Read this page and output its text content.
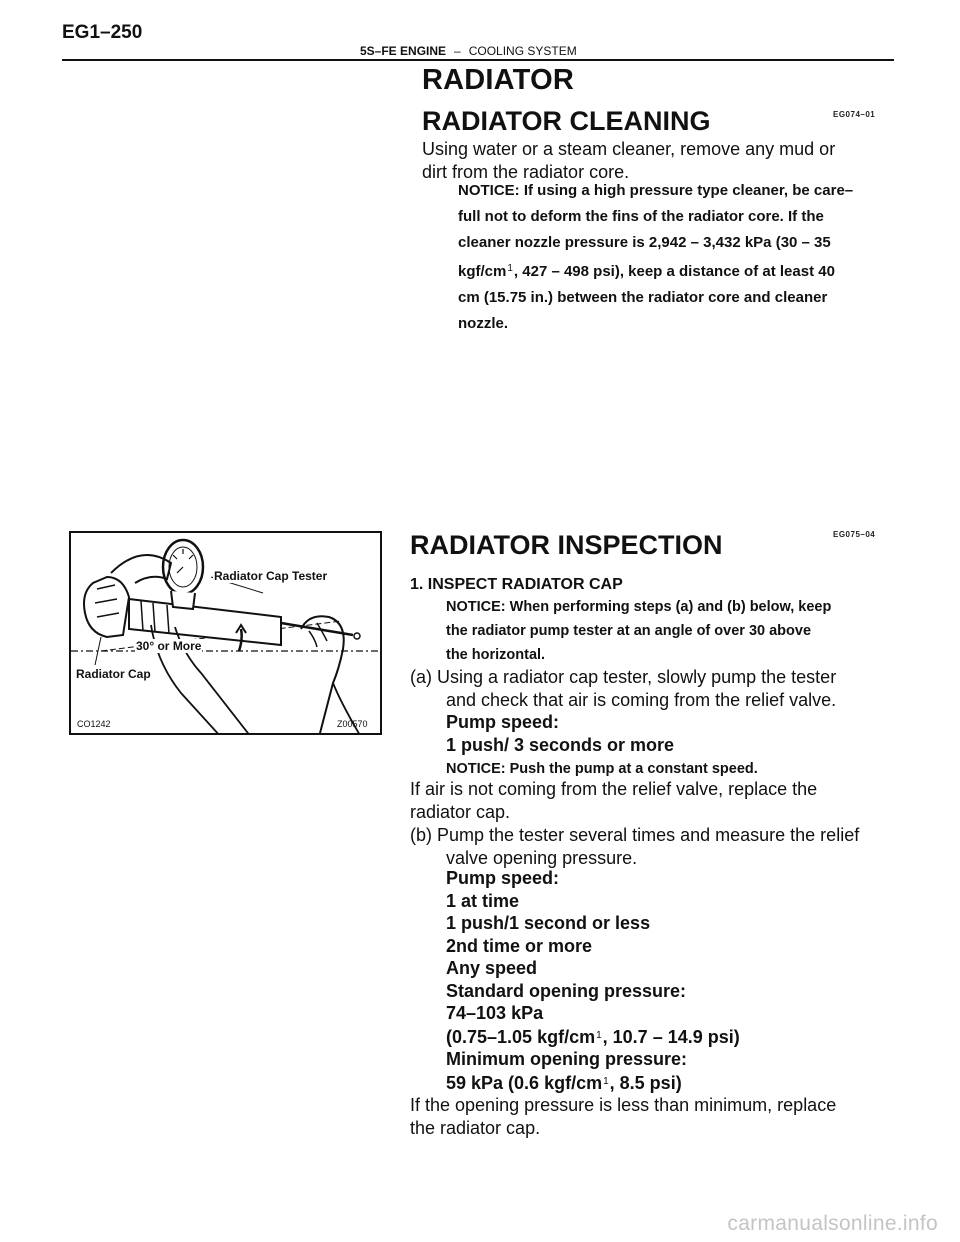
EG1–250
5S–FE ENGINE – COOLING SYSTEM
RADIATOR
RADIATOR CLEANING	EG074–01
Using water or a steam cleaner, remove any mud or
dirt from the radiator core.
NOTICE: If using a high pressure type cleaner, be care–
full not to deform the fins of the radiator core. If the
cleaner nozzle pressure is 2,942 – 3,432 kPa (30 – 35
kgf/$cm^1$, 427 – 498 psi), keep a distance of at least 40
cm (15.75 in.) between the radiator core and cleaner
nozzle.
Radiator Cap Tester
30° or More
Radiator Cap
CO1242	Z00570
RADIATOR INSPECTION	EG075–04
1. INSPECT RADIATOR CAP
NOTICE: When performing steps (a) and (b) below, keep
the radiator pump tester at an angle of over 30 above
the horizontal.
(a) Using a radiator cap tester, slowly pump the tester
and check that air is coming from the relief valve.
Pump speed:
1 push/ 3 seconds or more
NOTICE: Push the pump at a constant speed.
If air is not coming from the relief valve, replace the
radiator cap.
(b) Pump the tester several times and measure the relief
valve opening pressure.
Pump speed:
1 at time
1 push/1 second or less
2nd time or more
Any speed
Standard opening pressure:
74–103 kPa
(0.75–1.05 kgf/$cm^1$, 10.7 – 14.9 psi)
Minimum opening pressure:
59 kPa (0.6 kgf/$cm^1$, 8.5 psi)
If the opening pressure is less than minimum, replace
the radiator cap.
carmanualsonline.info
